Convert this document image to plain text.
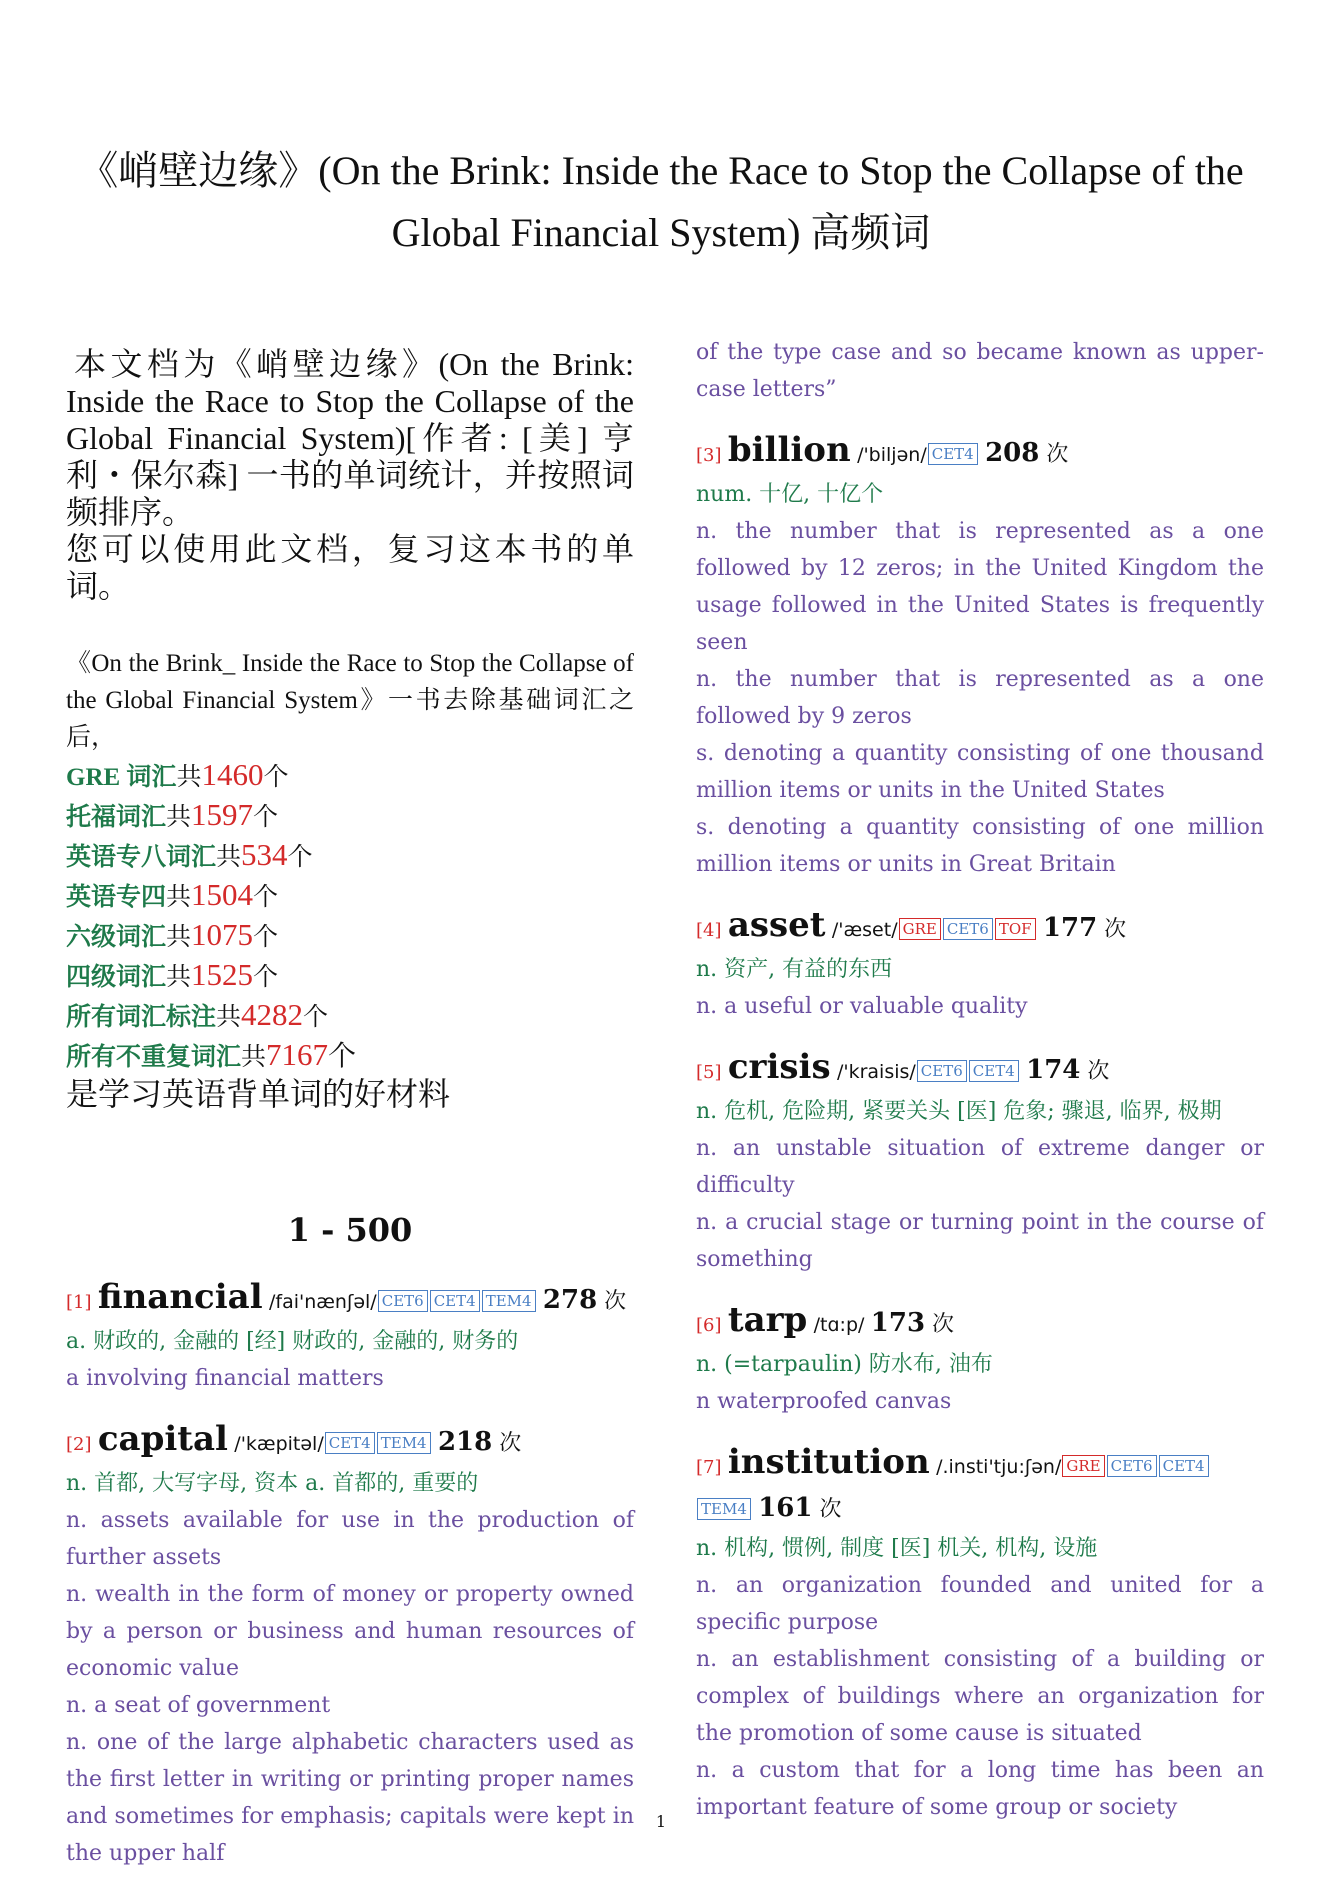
《峭壁边缘》(On the Brink: Inside the Race to Stop the Collapse of the Global Financial System) 高频词

本文档为《峭壁边缘》(On the Brink: Inside the Race to Stop the Collapse of the Global Financial System)[作者: [美] 亨利・保尔森] 一书的单词统计，并按照词频排序。

您可以使用此文档，复习这本书的单词。

《On the Brink_ Inside the Race to Stop the Collapse of the Global Financial System》一书去除基础词汇之后，
GRE 词汇共1460个
托福词汇共1597个
英语专八词汇共534个
英语专四共1504个
六级词汇共1075个
四级词汇共1525个
所有词汇标注共4282个
所有不重复词汇共7167个
是学习英语背单词的好材料
1 - 500
[1] financial /fai'nænʃəl/ CET6 CET4 TEM4 278 次
a. 财政的, 金融的 [经] 财政的, 金融的, 财务的
a involving financial matters
[2] capital /'kæpitəl/ CET4 TEM4 218 次
n. 首都, 大写字母, 资本 a. 首都的, 重要的
n. assets available for use in the production of further assets
n. wealth in the form of money or property owned by a person or business and human resources of economic value
n. a seat of government
n. one of the large alphabetic characters used as the first letter in writing or printing proper names and sometimes for emphasis; capitals were kept in the upper half
of the type case and so became known as upper-case letters”
[3] billion /'biljən/ CET4 208 次
num. 十亿, 十亿个
n. the number that is represented as a one followed by 12 zeros; in the United Kingdom the usage followed in the United States is frequently seen
n. the number that is represented as a one followed by 9 zeros
s. denoting a quantity consisting of one thousand million items or units in the United States
s. denoting a quantity consisting of one million million items or units in Great Britain
[4] asset /'æset/ GRE CET6 TOF 177 次
n. 资产, 有益的东西
n. a useful or valuable quality
[5] crisis /'kraisis/ CET6 CET4 174 次
n. 危机, 危险期, 紧要关头 [医] 危象; 骤退, 临界, 极期
n. an unstable situation of extreme danger or difficulty
n. a crucial stage or turning point in the course of something
[6] tarp /tɑ:p/ 173 次
n. (=tarpaulin) 防水布, 油布
n waterproofed canvas
[7] institution /.insti'tju:ʃən/ GRE CET6 CET4TEM4 161 次
n. 机构, 惯例, 制度 [医] 机关, 机构, 设施
n. an organization founded and united for a specific purpose
n. an establishment consisting of a building or complex of buildings where an organization for the promotion of some cause is situated
n. a custom that for a long time has been an important feature of some group or society
1
